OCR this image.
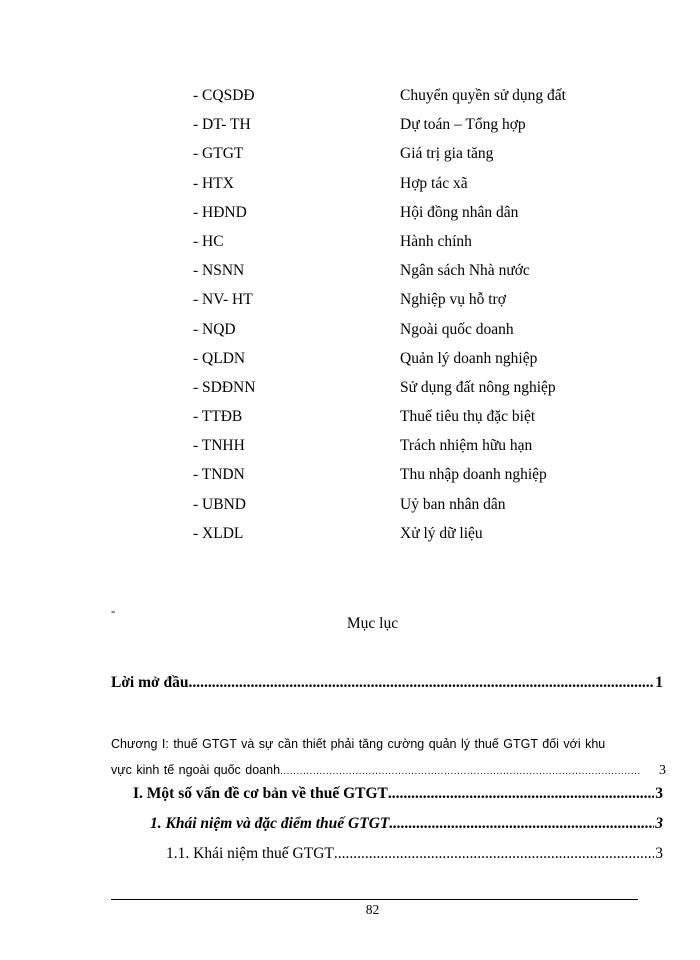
- CQSDĐ	Chuyển quyền sử dụng đất
- DT- TH	Dự toán – Tổng hợp
- GTGT	Giá trị gia tăng
- HTX	Hợp tác xã
- HĐND	Hội đồng nhân dân
- HC	Hành chính
- NSNN	Ngân sách Nhà nước
- NV- HT	Nghiệp vụ hỗ trợ
- NQD	Ngoài quốc doanh
- QLDN	Quản lý doanh nghiệp
- SDĐNN	Sử dụng đất nông nghiệp
- TTĐB	Thuế tiêu thụ đặc biệt
- TNHH	Trách nhiệm hữu hạn
- TNDN	Thu nhập doanh nghiệp
- UBND	Uỷ ban nhân dân
- XLDL	Xử lý dữ liệu
-
Mục lục
Lời mở đầu .....	1
Chương I: thuế GTGT và sự cần thiết phải tăng cường quản lý thuế GTGT đối với khu
vực kinh tế ngoài quốc doanh .....	3
I. Một số vấn đề cơ bản về thuế GTGT .....	3
1. Khái niệm và đặc điểm thuế GTGT .....	3
1.1. Khái niệm thuế GTGT .....	3
82
